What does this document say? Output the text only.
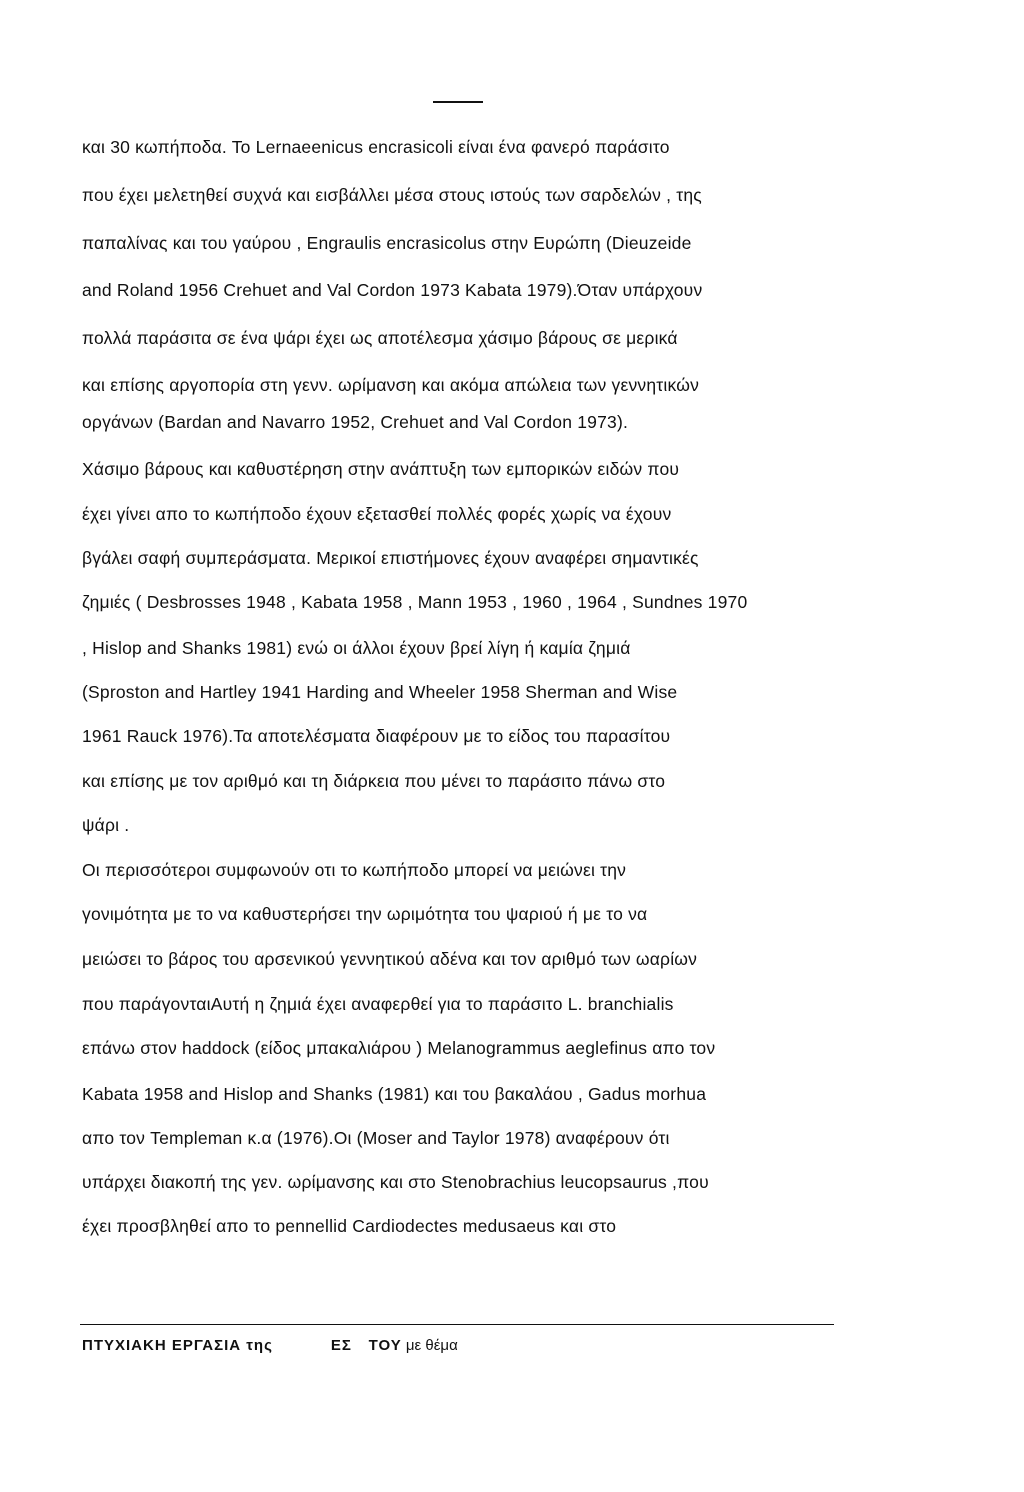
και 30 κωπήποδα. Το Lernaeenicus encrasicoli είναι ένα φανερό παράσιτο
που έχει μελετηθεί συχνά και εισβάλλει μέσα στους ιστούς των σαρδελών , της
παπαλίνας και του γαύρου , Engraulis encrasicolus στην Ευρώπη (Dieuzeide
and Roland 1956 Crehuet and Val Cordon 1973 Kabata 1979).Όταν υπάρχουν
πολλά παράσιτα σε ένα ψάρι έχει ως αποτέλεσμα χάσιμο βάρους σε μερικά
και επίσης αργοπορία στη γενν. ωρίμανση και ακόμα απώλεια των γεννητικών
οργάνων (Bardan and Navarro 1952, Crehuet and Val Cordon 1973).
Χάσιμο βάρους και καθυστέρηση στην ανάπτυξη των εμπορικών ειδών που
έχει γίνει απο το κωπήποδο έχουν εξετασθεί πολλές φορές χωρίς να έχουν
βγάλει σαφή συμπεράσματα. Μερικοί επιστήμονες έχουν αναφέρει σημαντικές
ζημιές ( Desbrosses 1948 , Kabata 1958 , Mann 1953 , 1960 , 1964 , Sundnes 1970
, Hislop and Shanks 1981) ενώ οι άλλοι έχουν βρεί λίγη ή καμία ζημιά
(Sproston and Hartley 1941 Harding and Wheeler 1958 Sherman and Wise
1961 Rauck 1976).Τα αποτελέσματα διαφέρουν με το είδος του παρασίτου
και επίσης με τον αριθμό και τη διάρκεια που μένει το παράσιτο πάνω στο
ψάρι .
Οι περισσότεροι συμφωνούν οτι το κωπήποδο μπορεί να μειώνει την
γονιμότητα με το να καθυστερήσει την ωριμότητα του ψαριού ή με το να
μειώσει το βάρος του αρσενικού γεννητικού αδένα και τον αριθμό των ωαρίων
που παράγονταιΑυτή η ζημιά έχει αναφερθεί για το παράσιτο L. branchialis
επάνω στον haddock (είδος μπακαλιάρου ) Melanogrammus aeglefinus απο τον
Kabata 1958 and Hislop and Shanks (1981) και του βακαλάου , Gadus morhua
απο τον Templeman κ.α (1976).Οι (Moser and Taylor 1978) αναφέρουν ότι
υπάρχει διακοπή της γεν. ωρίμανσης και στο Stenobrachius leucopsaurus ,που
έχει προσβληθεί απο το pennellid Cardiodectes medusaeus και στο
ΠΤΥΧΙΑΚΗ ΕΡΓΑΣΙΑ της	ΕΣ ΤΟΥ με θέμα
